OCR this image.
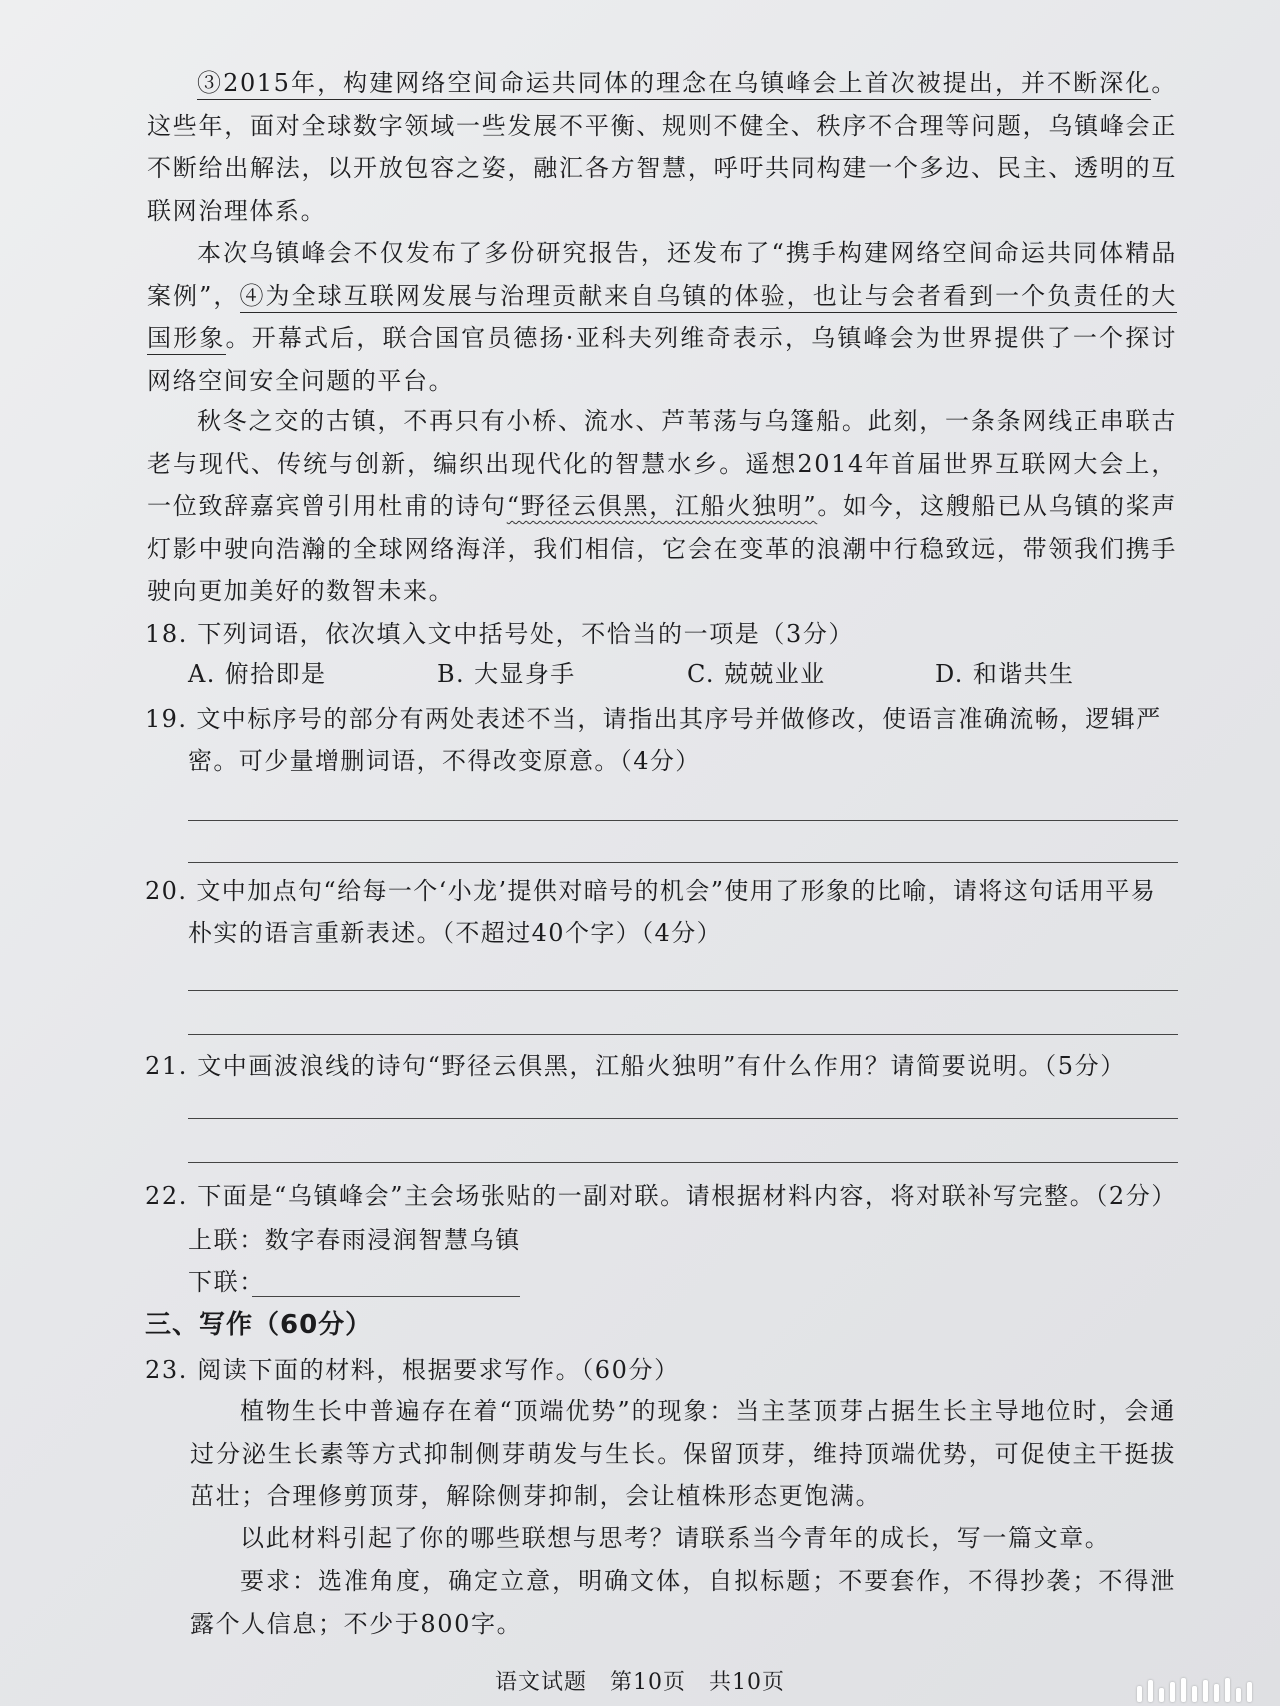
③2015年，构建网络空间命运共同体的理念在乌镇峰会上首次被提出，并不断深化。这些年，面对全球数字领域一些发展不平衡、规则不健全、秩序不合理等问题，乌镇峰会正不断给出解法，以开放包容之姿，融汇各方智慧，呼吁共同构建一个多边、民主、透明的互联网治理体系。

本次乌镇峰会不仅发布了多份研究报告，还发布了“携手构建网络空间命运共同体精品案例”，④为全球互联网发展与治理贡献来自乌镇的体验，也让与会者看到一个负责任的大国形象。开幕式后，联合国官员德扬·亚科夫列维奇表示，乌镇峰会为世界提供了一个探讨网络空间安全问题的平台。

秋冬之交的古镇，不再只有小桥、流水、芦苇荡与乌篷船。此刻，一条条网线正串联古老与现代、传统与创新，编织出现代化的智慧水乡。遥想2014年首届世界互联网大会上，一位致辞嘉宾曾引用杜甫的诗句“野径云俱黑，江船火独明”。如今，这艘船已从乌镇的桨声灯影中驶向浩瀚的全球网络海洋，我们相信，它会在变革的浪潮中行稳致远，带领我们携手驶向更加美好的数智未来。

18. 下列词语，依次填入文中括号处，不恰当的一项是（3分）

A. 俯拾即是	B. 大显身手	C. 兢兢业业	D. 和谐共生

19. 文中标序号的部分有两处表述不当，请指出其序号并做修改，使语言准确流畅，逻辑严密。可少量增删词语，不得改变原意。（4分）

20. 文中加点句“给每一个‘小龙’提供对暗号的机会”使用了形象的比喻，请将这句话用平易朴实的语言重新表述。（不超过40个字）（4分）

21. 文中画波浪线的诗句“野径云俱黑，江船火独明”有什么作用？请简要说明。（5分）

22. 下面是“乌镇峰会”主会场张贴的一副对联。请根据材料内容，将对联补写完整。（2分）

上联：数字春雨浸润智慧乌镇

下联：

三、写作（60分）

23. 阅读下面的材料，根据要求写作。（60分）

植物生长中普遍存在着“顶端优势”的现象：当主茎顶芽占据生长主导地位时，会通过分泌生长素等方式抑制侧芽萌发与生长。保留顶芽，维持顶端优势，可促使主干挺拔茁壮；合理修剪顶芽，解除侧芽抑制，会让植株形态更饱满。

以此材料引起了你的哪些联想与思考？请联系当今青年的成长，写一篇文章。

要求：选准角度，确定立意，明确文体，自拟标题；不要套作，不得抄袭；不得泄露个人信息；不少于800字。

语文试题　第10页　共10页
